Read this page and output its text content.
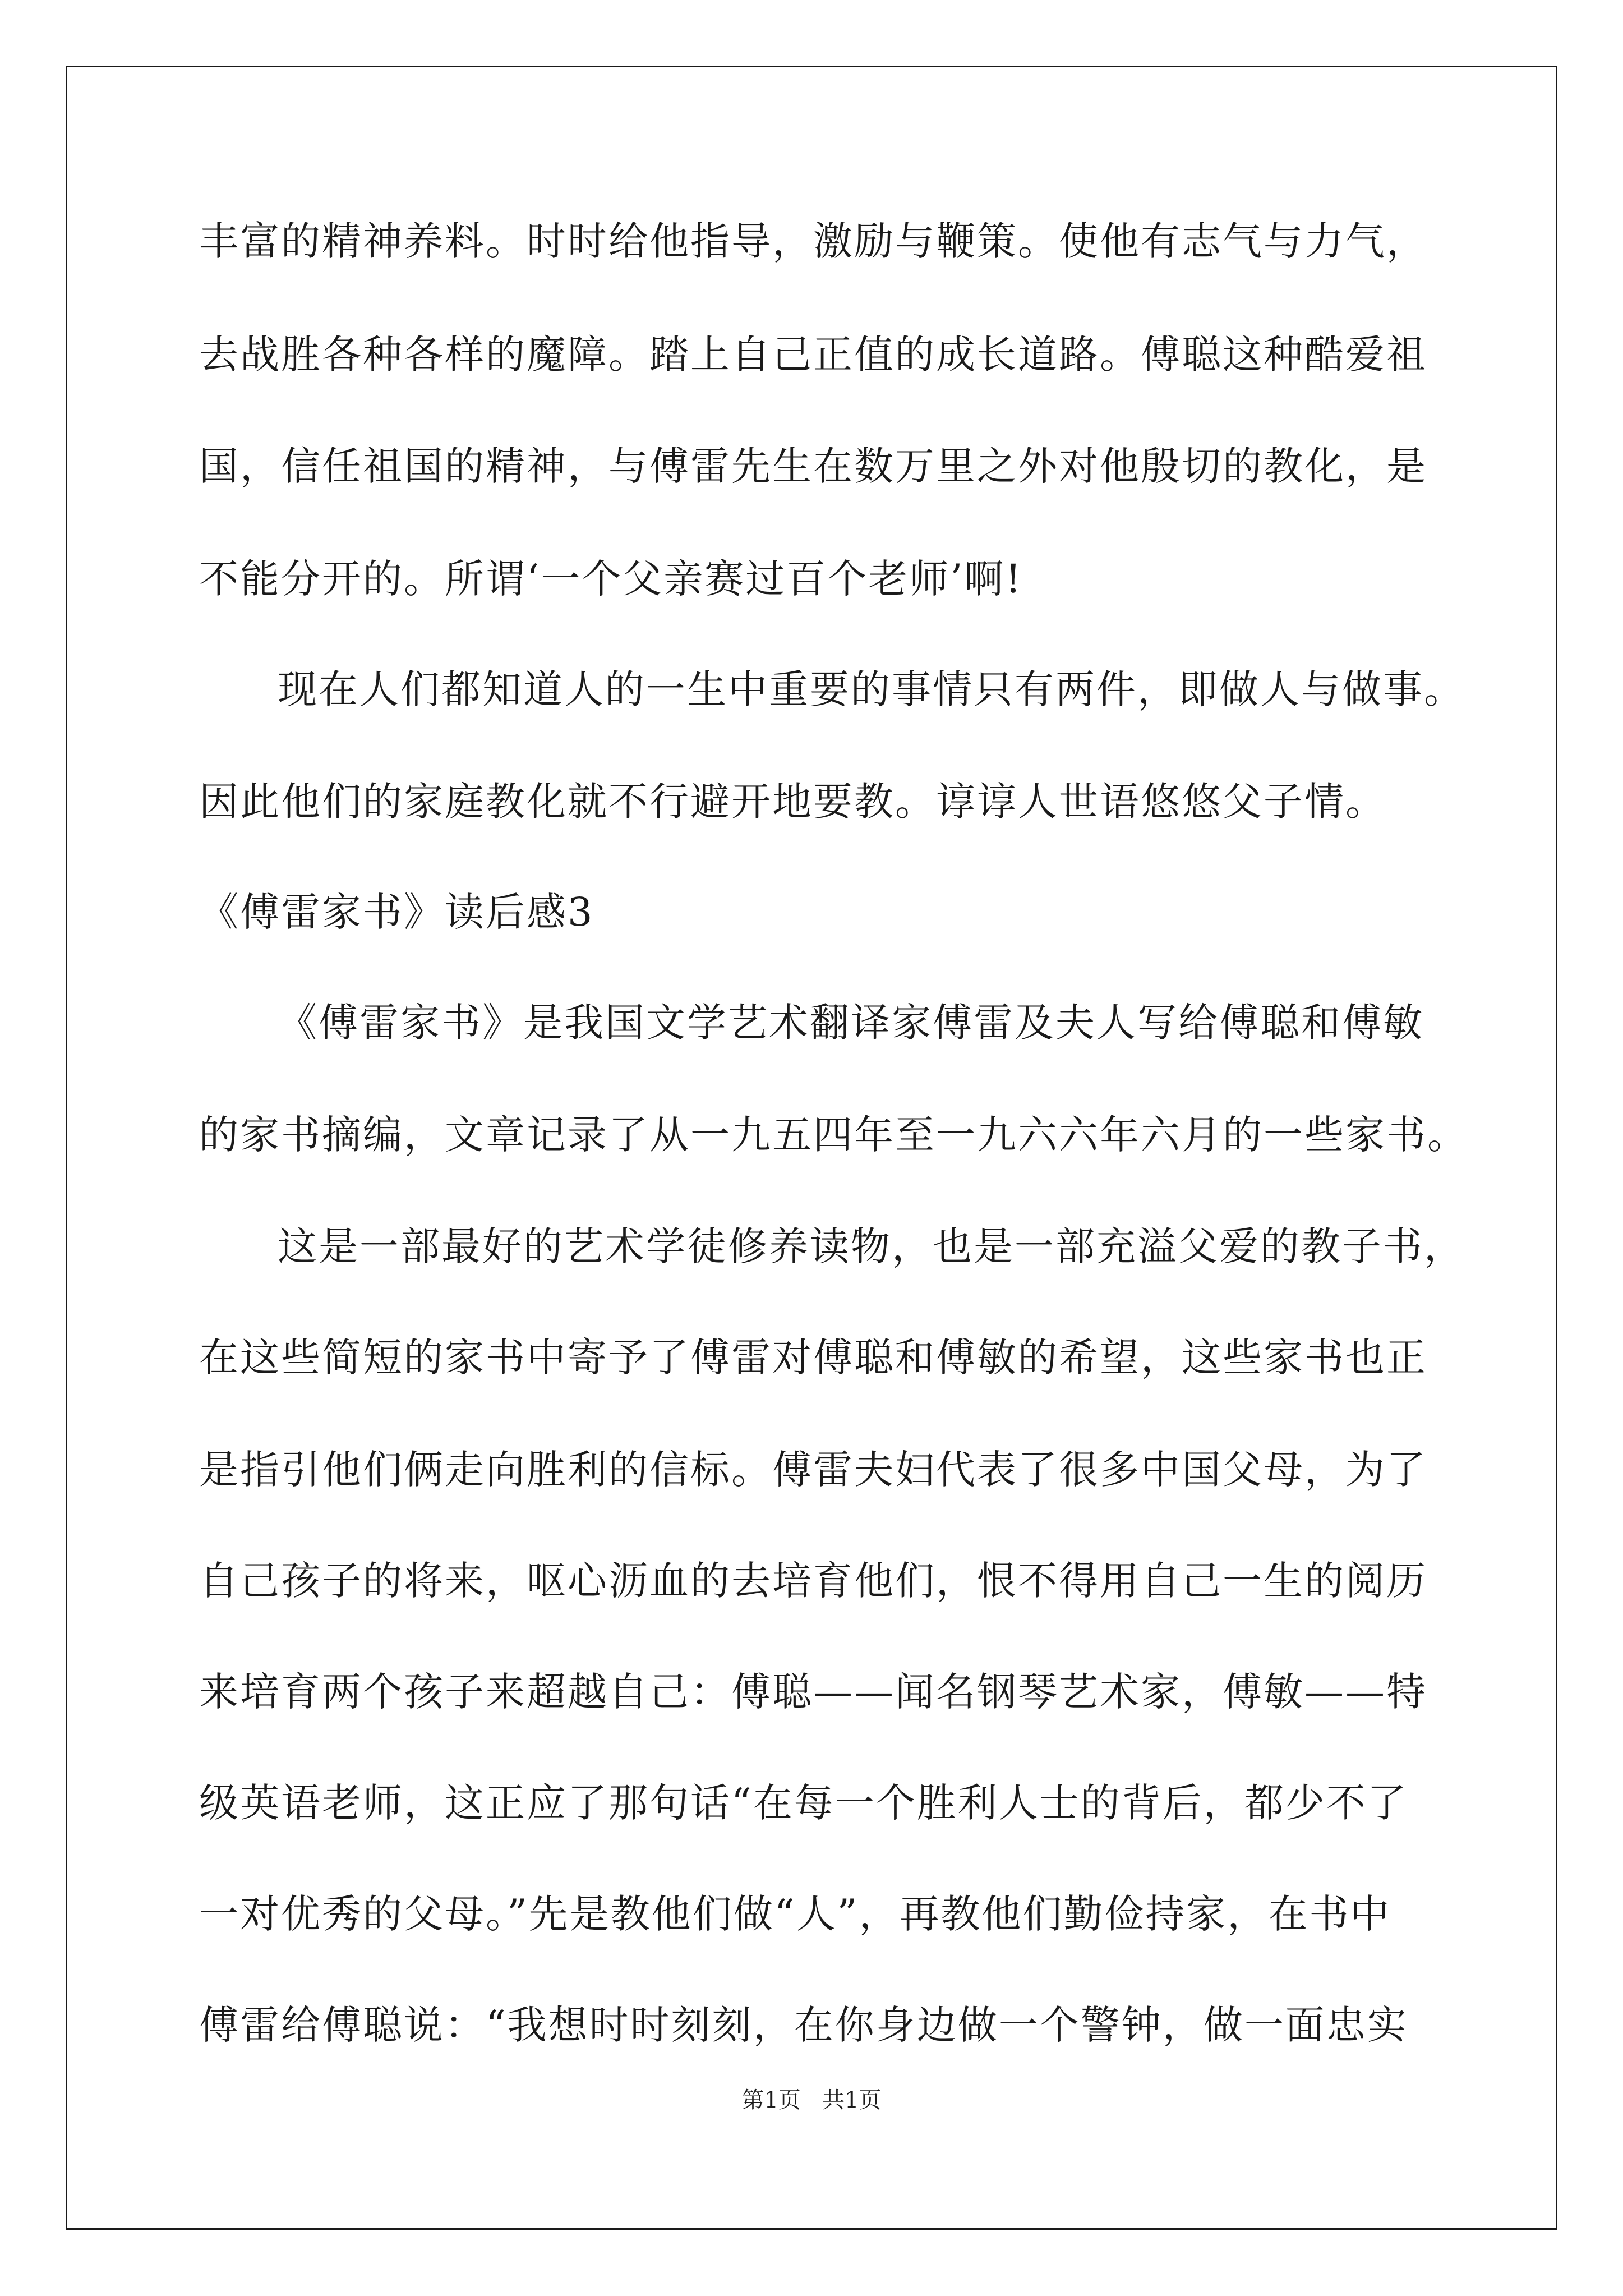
丰富的精神养料。时时给他指导，激励与鞭策。使他有志气与力气，
去战胜各种各样的魔障。踏上自己正值的成长道路。傅聪这种酷爱祖
国，信任祖国的精神，与傅雷先生在数万里之外对他殷切的教化，是
不能分开的。所谓‘一个父亲赛过百个老师’啊!
现在人们都知道人的一生中重要的事情只有两件，即做人与做事。
因此他们的家庭教化就不行避开地要教。谆谆人世语悠悠父子情。
《傅雷家书》读后感3
《傅雷家书》是我国文学艺术翻译家傅雷及夫人写给傅聪和傅敏
的家书摘编，文章记录了从一九五四年至一九六六年六月的一些家书。
这是一部最好的艺术学徒修养读物，也是一部充溢父爱的教子书，
在这些简短的家书中寄予了傅雷对傅聪和傅敏的希望，这些家书也正
是指引他们俩走向胜利的信标。傅雷夫妇代表了很多中国父母，为了
自己孩子的将来，呕心沥血的去培育他们，恨不得用自己一生的阅历
来培育两个孩子来超越自己：傅聪——闻名钢琴艺术家，傅敏——特
级英语老师，这正应了那句话“在每一个胜利人士的背后，都少不了
一对优秀的父母。”先是教他们做“人”，再教他们勤俭持家，在书中
傅雷给傅聪说：“我想时时刻刻，在你身边做一个警钟，做一面忠实
第1页   共1页
